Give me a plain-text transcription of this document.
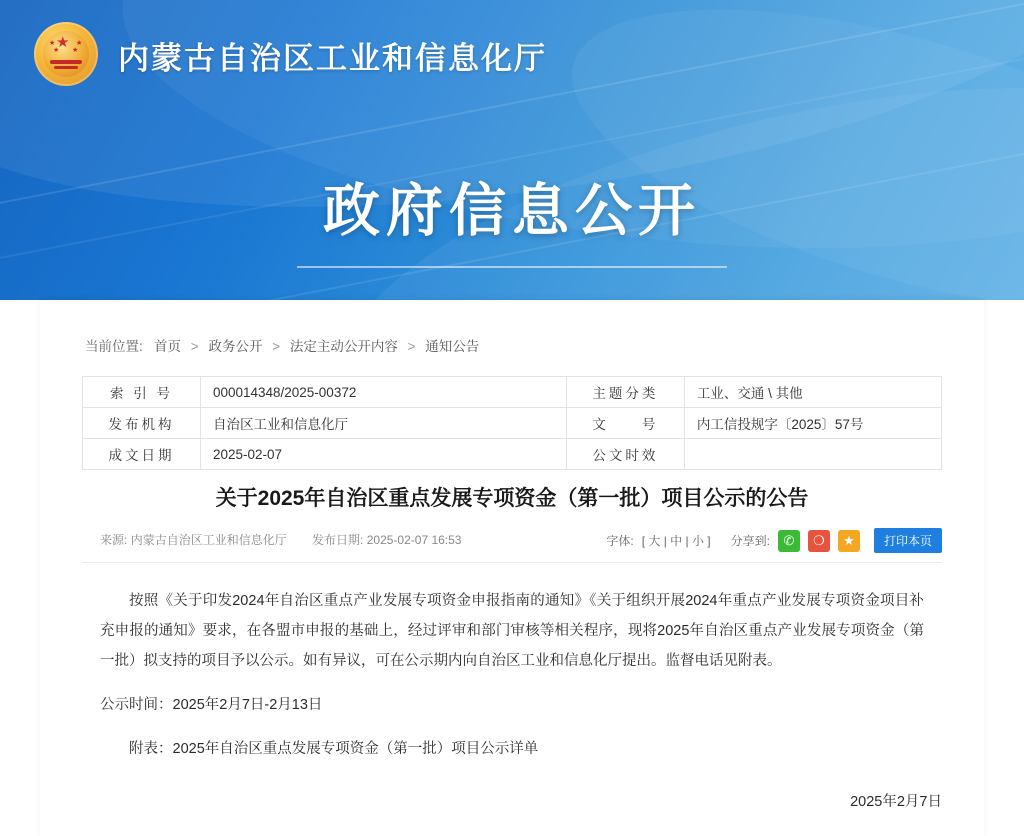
★
★
★
★
★ 内蒙古自治区工业和信息化厅
政府信息公开
当前位置: 首页 > 政务公开 > 法定主动公开内容 > 通知公告
索 引 号	000014348/2025-00372	主题分类	工业、交通 \ 其他
发布机构	自治区工业和信息化厅	文　　号	内工信投规字〔2025〕57号
成文日期	2025-02-07	公文时效	
关于2025年自治区重点发展专项资金（第一批）项目公示的公告
来源: 内蒙古自治区工业和信息化厅 发布日期: 2025-02-07 16:53	字体: [ 大 | 中 | 小 ] 分享到:	✆	❍	★	打印本页

按照《关于印发2024年自治区重点产业发展专项资金申报指南的通知》《关于组织开展2024年重点产业发展专项资金项目补充申报的通知》要求，在各盟市申报的基础上，经过评审和部门审核等相关程序，现将2025年自治区重点产业发展专项资金（第一批）拟支持的项目予以公示。如有异议，可在公示期内向自治区工业和信息化厅提出。监督电话见附表。

公示时间：2025年2月7日-2月13日

附表：2025年自治区重点发展专项资金（第一批）项目公示详单

2025年2月7日
